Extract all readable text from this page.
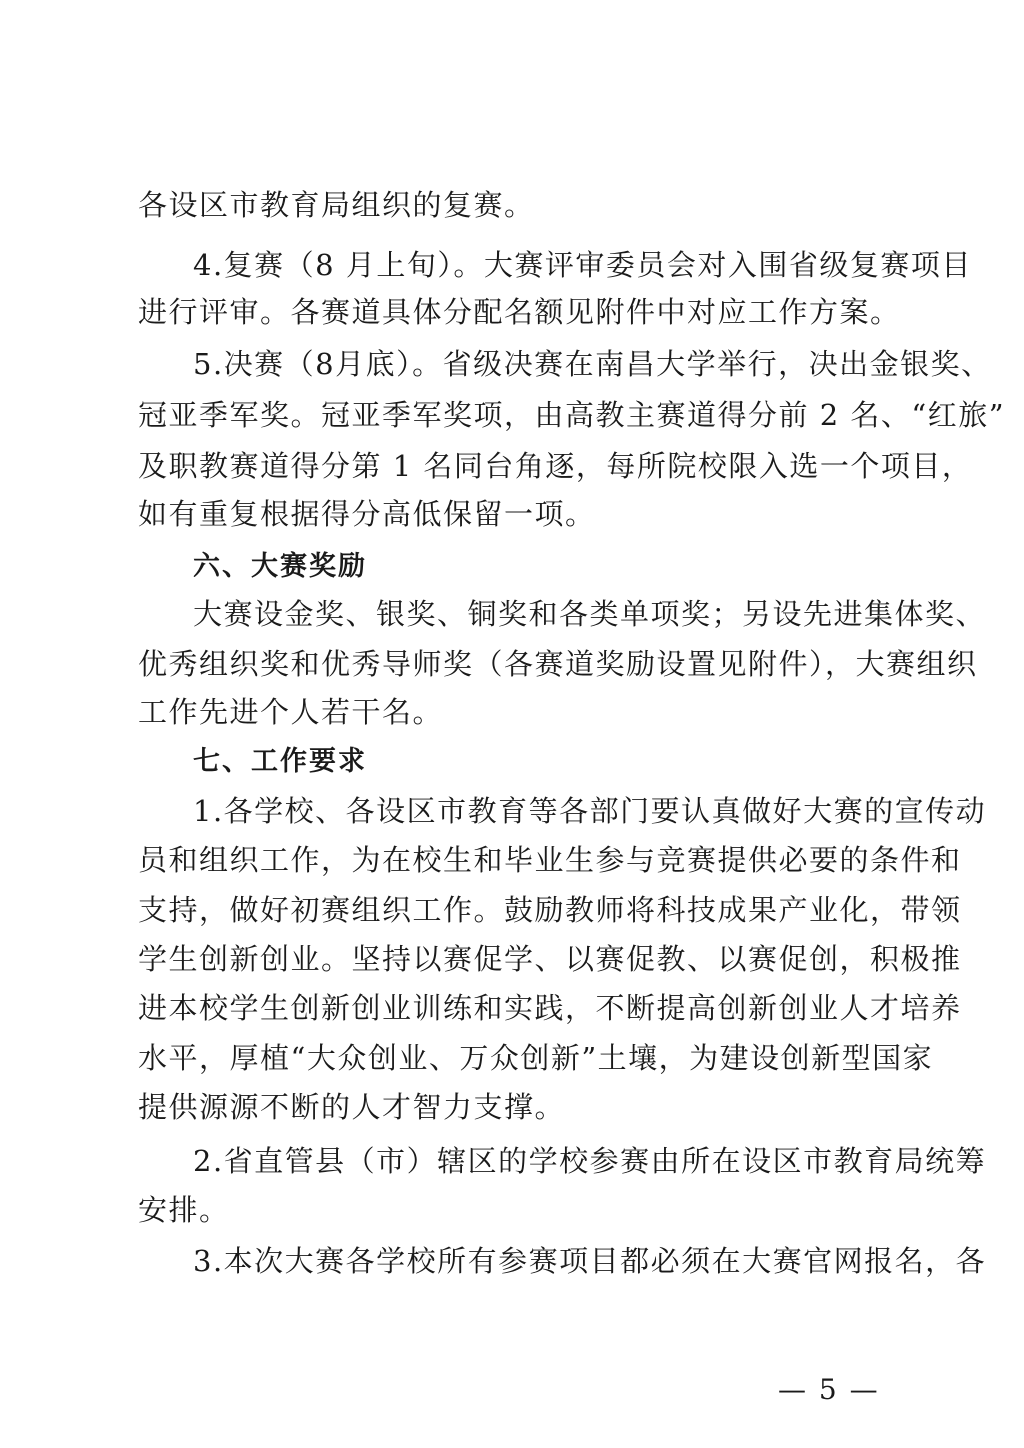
各设区市教育局组织的复赛。
4.复赛（8 月上旬）。大赛评审委员会对入围省级复赛项目
进行评审。各赛道具体分配名额见附件中对应工作方案。
5.决赛（8月底）。省级决赛在南昌大学举行，决出金银奖、
冠亚季军奖。冠亚季军奖项，由高教主赛道得分前 2 名、“红旅”
及职教赛道得分第 1 名同台角逐，每所院校限入选一个项目，
如有重复根据得分高低保留一项。
六、大赛奖励
大赛设金奖、银奖、铜奖和各类单项奖；另设先进集体奖、
优秀组织奖和优秀导师奖（各赛道奖励设置见附件），大赛组织
工作先进个人若干名。
七、工作要求
1.各学校、各设区市教育等各部门要认真做好大赛的宣传动
员和组织工作，为在校生和毕业生参与竞赛提供必要的条件和
支持，做好初赛组织工作。鼓励教师将科技成果产业化，带领
学生创新创业。坚持以赛促学、以赛促教、以赛促创，积极推
进本校学生创新创业训练和实践，不断提高创新创业人才培养
水平，厚植“大众创业、万众创新”土壤，为建设创新型国家
提供源源不断的人才智力支撑。
2.省直管县（市）辖区的学校参赛由所在设区市教育局统筹
安排。
3.本次大赛各学校所有参赛项目都必须在大赛官网报名，各
— 5 —
